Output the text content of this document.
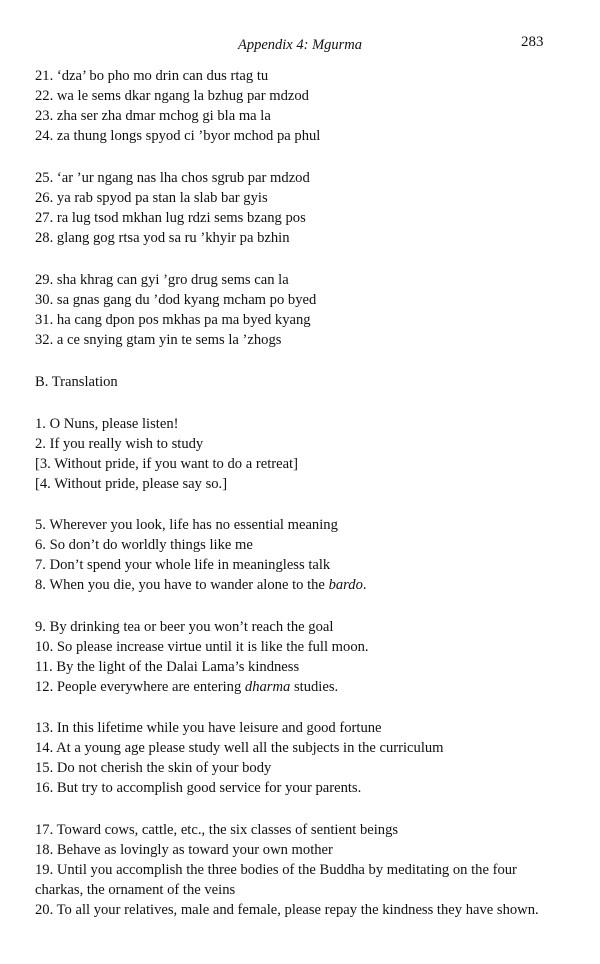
Appendix 4: Mgurma	283
21. ‘dza’ bo pho mo drin can dus rtag tu
22. wa le sems dkar ngang la bzhug par mdzod
23. zha ser zha dmar mchog gi bla ma la
24. za thung longs spyod ci ’byor mchod pa phul
25. ‘ar ’ur ngang nas lha chos sgrub par mdzod
26. ya rab spyod pa stan la slab bar gyis
27. ra lug tsod mkhan lug rdzi sems bzang pos
28. glang gog rtsa yod sa ru ’khyir pa bzhin
29. sha khrag can gyi ’gro drug sems can la
30. sa gnas gang du ’dod kyang mcham po byed
31. ha cang dpon pos mkhas pa ma byed kyang
32. a ce snying gtam yin te sems la ’zhogs
B. Translation
1. O Nuns, please listen!
2. If you really wish to study
[3. Without pride, if you want to do a retreat]
[4. Without pride, please say so.]
5. Wherever you look, life has no essential meaning
6. So don’t do worldly things like me
7. Don’t spend your whole life in meaningless talk
8. When you die, you have to wander alone to the bardo.
9. By drinking tea or beer you won’t reach the goal
10. So please increase virtue until it is like the full moon.
11. By the light of the Dalai Lama’s kindness
12. People everywhere are entering dharma studies.
13. In this lifetime while you have leisure and good fortune
14. At a young age please study well all the subjects in the curriculum
15. Do not cherish the skin of your body
16. But try to accomplish good service for your parents.
17. Toward cows, cattle, etc., the six classes of sentient beings
18. Behave as lovingly as toward your own mother
19. Until you accomplish the three bodies of the Buddha by meditating on the four charkas, the ornament of the veins
20. To all your relatives, male and female, please repay the kindness they have shown.
